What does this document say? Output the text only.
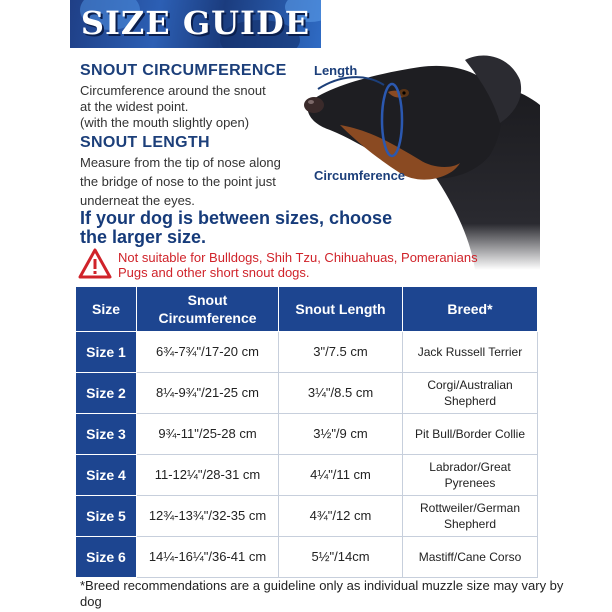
SIZE GUIDE
SNOUT CIRCUMFERENCE
Circumference around the snout
at the widest point.
(with the mouth slightly open)
SNOUT LENGTH
Measure from the tip of nose along
the bridge of nose to the point just
underneat the eyes.
Length
Circumference
If your dog is between sizes, choose
the larger size.
Not suitable for Bulldogs, Shih Tzu, Chihuahuas, Pomeranians
Pugs and other short snout dogs.
Size	Snout Circumference	Snout Length	Breed*
Size 1	6¾-7¾"/17-20 cm	3"/7.5 cm	Jack Russell Terrier
Size 2	8¼-9¾"/21-25 cm	3¼"/8.5 cm	Corgi/Australian Shepherd
Size 3	9¾-11"/25-28 cm	3½"/9 cm	Pit Bull/Border Collie
Size 4	11-12¼"/28-31 cm	4¼"/11 cm	Labrador/Great Pyrenees
Size 5	12¾-13¾"/32-35 cm	4¾"/12 cm	Rottweiler/German Shepherd
Size 6	14¼-16¼"/36-41 cm	5½"/14cm	Mastiff/Cane Corso
*Breed recommendations are a guideline only as individual muzzle size may vary by dog
